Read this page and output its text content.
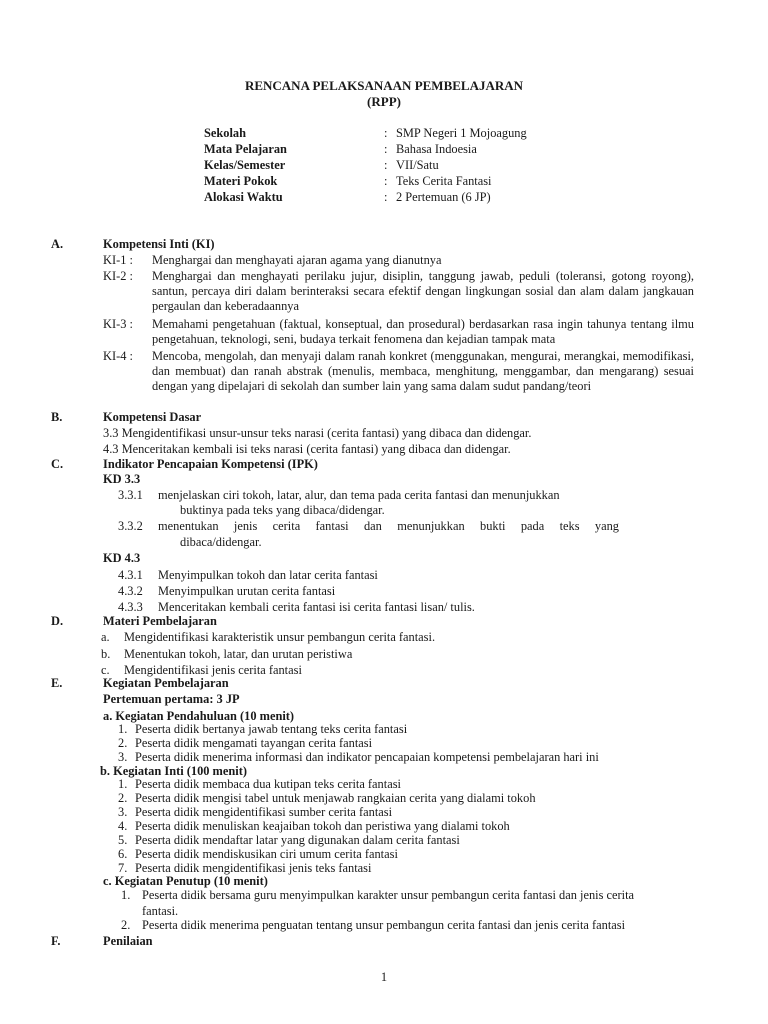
RENCANA PELAKSANAAN PEMBELAJARAN
(RPP)
Sekolah	: SMP Negeri 1 Mojoagung
Mata Pelajaran	: Bahasa Indoesia
Kelas/Semester	: VII/Satu
Materi Pokok	: Teks Cerita Fantasi
Alokasi Waktu	: 2 Pertemuan (6 JP)
A.	Kompetensi Inti (KI)
KI-1 : Menghargai dan menghayati ajaran agama yang dianutnya
KI-2 : Menghargai dan menghayati perilaku jujur, disiplin, tanggung jawab, peduli (toleransi, gotong royong), santun, percaya diri dalam berinteraksi secara efektif dengan lingkungan sosial dan alam dalam jangkauan pergaulan dan keberadaannya
KI-3 : Memahami pengetahuan (faktual, konseptual, dan prosedural) berdasarkan rasa ingin tahunya tentang ilmu pengetahuan, teknologi, seni, budaya terkait fenomena dan kejadian tampak mata
KI-4 : Mencoba, mengolah, dan menyaji dalam ranah konkret (menggunakan, mengurai, merangkai, memodifikasi, dan membuat) dan ranah abstrak (menulis, membaca, menghitung, menggambar, dan mengarang) sesuai dengan yang dipelajari di sekolah dan sumber lain yang sama dalam sudut pandang/teori
B.	Kompetensi Dasar
3.3 Mengidentifikasi unsur-unsur teks narasi (cerita fantasi) yang dibaca dan didengar.
4.3 Menceritakan kembali isi teks narasi (cerita fantasi) yang dibaca dan didengar.
C.	Indikator Pencapaian Kompetensi (IPK)
KD 3.3
3.3.1 menjelaskan ciri tokoh, latar, alur, dan tema pada cerita fantasi dan menunjukkan
buktinya pada teks yang dibaca/didengar.
3.3.2 menentukan jenis cerita fantasi dan menunjukkan bukti pada teks yang
dibaca/didengar.
KD 4.3
4.3.1 Menyimpulkan tokoh dan latar cerita fantasi
4.3.2 Menyimpulkan urutan cerita fantasi
4.3.3 Menceritakan kembali cerita fantasi isi cerita fantasi lisan/ tulis.
D.	Materi Pembelajaran
a. Mengidentifikasi karakteristik unsur pembangun cerita fantasi.
b. Menentukan tokoh, latar, dan urutan peristiwa
c. Mengidentifikasi jenis cerita fantasi
E.	Kegiatan Pembelajaran
Pertemuan pertama: 3 JP
a. Kegiatan Pendahuluan (10 menit)
1. Peserta didik bertanya jawab tentang teks cerita fantasi
2. Peserta didik mengamati tayangan cerita fantasi
3. Peserta didik menerima informasi dan indikator pencapaian kompetensi pembelajaran hari ini
b. Kegiatan Inti (100 menit)
1. Peserta didik membaca dua kutipan teks cerita fantasi
2. Peserta didik mengisi tabel untuk menjawab rangkaian cerita yang dialami tokoh
3. Peserta didik mengidentifikasi sumber cerita fantasi
4. Peserta didik menuliskan keajaiban tokoh dan peristiwa yang dialami tokoh
5. Peserta didik mendaftar latar yang digunakan dalam cerita fantasi
6. Peserta didik mendiskusikan ciri umum cerita fantasi
7. Peserta didik mengidentifikasi jenis teks fantasi
c. Kegiatan Penutup (10 menit)
1. Peserta didik bersama guru menyimpulkan karakter unsur pembangun cerita fantasi dan jenis cerita
fantasi.
2. Peserta didik menerima penguatan tentang unsur pembangun cerita fantasi dan jenis cerita fantasi
F.	Penilaian
1
